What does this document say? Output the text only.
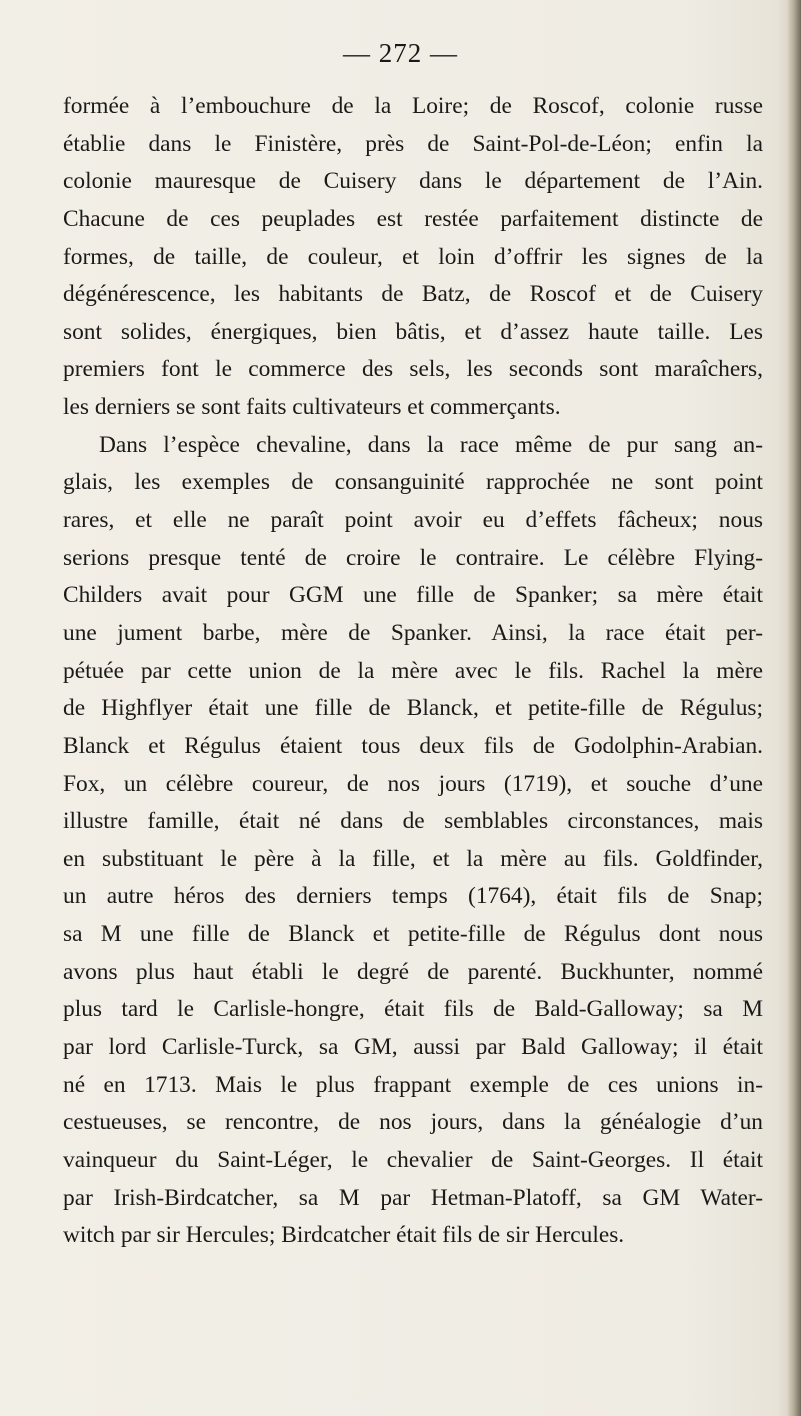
— 272 —
formée à l’embouchure de la Loire; de Roscof, colonie russe
établie dans le Finistère, près de Saint-Pol-de-Léon; enfin la
colonie mauresque de Cuisery dans le département de l’Ain.
Chacune de ces peuplades est restée parfaitement distincte de
formes, de taille, de couleur, et loin d’offrir les signes de la
dégénérescence, les habitants de Batz, de Roscof et de Cuisery
sont solides, énergiques, bien bâtis, et d’assez haute taille. Les
premiers font le commerce des sels, les seconds sont maraîchers,
les derniers se sont faits cultivateurs et commerçants.
Dans l’espèce chevaline, dans la race même de pur sang an-
glais, les exemples de consanguinité rapprochée ne sont point
rares, et elle ne paraît point avoir eu d’effets fâcheux; nous
serions presque tenté de croire le contraire. Le célèbre Flying-
Childers avait pour GGM une fille de Spanker; sa mère était
une jument barbe, mère de Spanker. Ainsi, la race était per-
pétuée par cette union de la mère avec le fils. Rachel la mère
de Highflyer était une fille de Blanck, et petite-fille de Régulus;
Blanck et Régulus étaient tous deux fils de Godolphin-Arabian.
Fox, un célèbre coureur, de nos jours (1719), et souche d’une
illustre famille, était né dans de semblables circonstances, mais
en substituant le père à la fille, et la mère au fils. Goldfinder,
un autre héros des derniers temps (1764), était fils de Snap;
sa M une fille de Blanck et petite-fille de Régulus dont nous
avons plus haut établi le degré de parenté. Buckhunter, nommé
plus tard le Carlisle-hongre, était fils de Bald-Galloway; sa M
par lord Carlisle-Turck, sa GM, aussi par Bald Galloway; il était
né en 1713. Mais le plus frappant exemple de ces unions in-
cestueuses, se rencontre, de nos jours, dans la généalogie d’un
vainqueur du Saint-Léger, le chevalier de Saint-Georges. Il était
par Irish-Birdcatcher, sa M par Hetman-Platoff, sa GM Water-
witch par sir Hercules; Birdcatcher était fils de sir Hercules.
